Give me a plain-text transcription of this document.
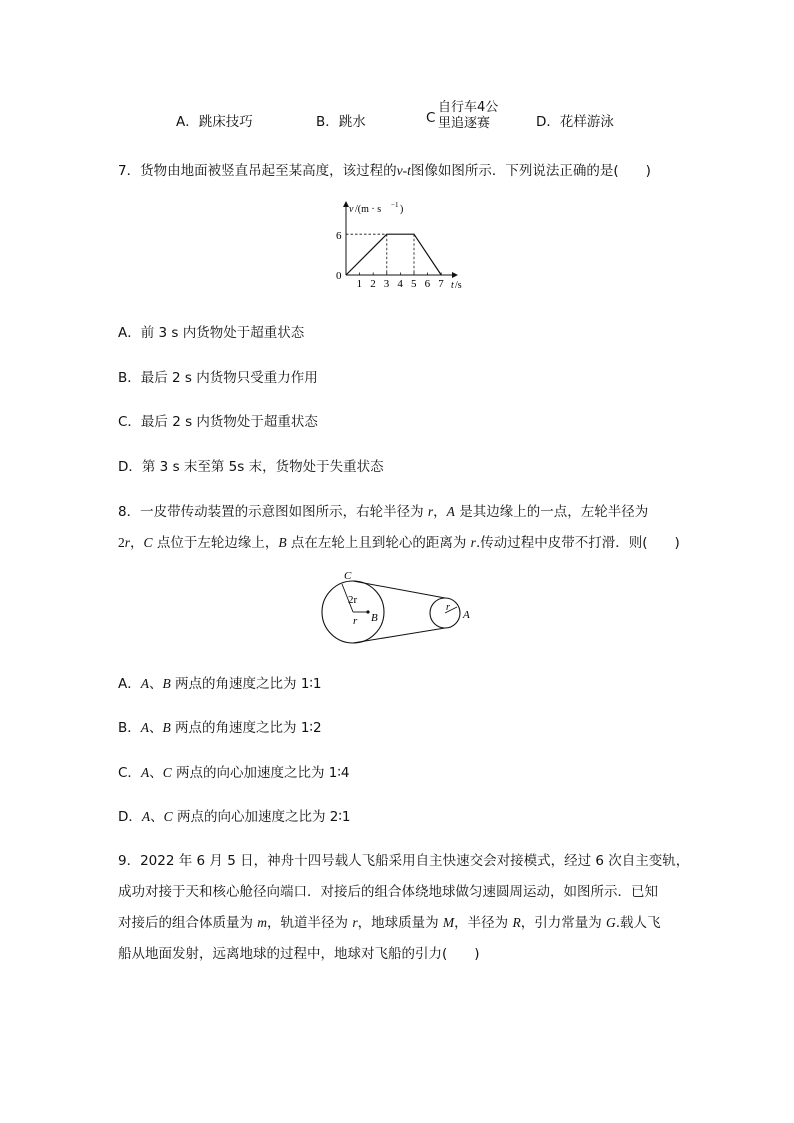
A．跳床技巧	B．跳水	C
自行车4公
里追逐赛	D．花样游泳
7．货物由地面被竖直吊起至某高度，该过程的v-t图像如图所示．下列说法正确的是(　　)
v /(m · s −1 )
0
6
1 2 3 4 5 6 7 t /s
A．前 3 s 内货物处于超重状态
B．最后 2 s 内货物只受重力作用
C．最后 2 s 内货物处于超重状态
D．第 3 s 末至第 5s 末，货物处于失重状态
8．一皮带传动装置的示意图如图所示，右轮半径为 r，A 是其边缘上的一点，左轮半径为
2r，C 点位于左轮边缘上，B 点在左轮上且到轮心的距离为 r.传动过程中皮带不打滑．则(　　)
C
2r
r B
r
A
A．A、B 两点的角速度之比为 1∶1
B．A、B 两点的角速度之比为 1∶2
C．A、C 两点的向心加速度之比为 1∶4
D．A、C 两点的向心加速度之比为 2∶1
9．2022 年 6 月 5 日，神舟十四号载人飞船采用自主快速交会对接模式，经过 6 次自主变轨，
成功对接于天和核心舱径向端口．对接后的组合体绕地球做匀速圆周运动，如图所示．已知
对接后的组合体质量为 m，轨道半径为 r，地球质量为 M，半径为 R，引力常量为 G.载人飞
船从地面发射，远离地球的过程中，地球对飞船的引力(　　)
